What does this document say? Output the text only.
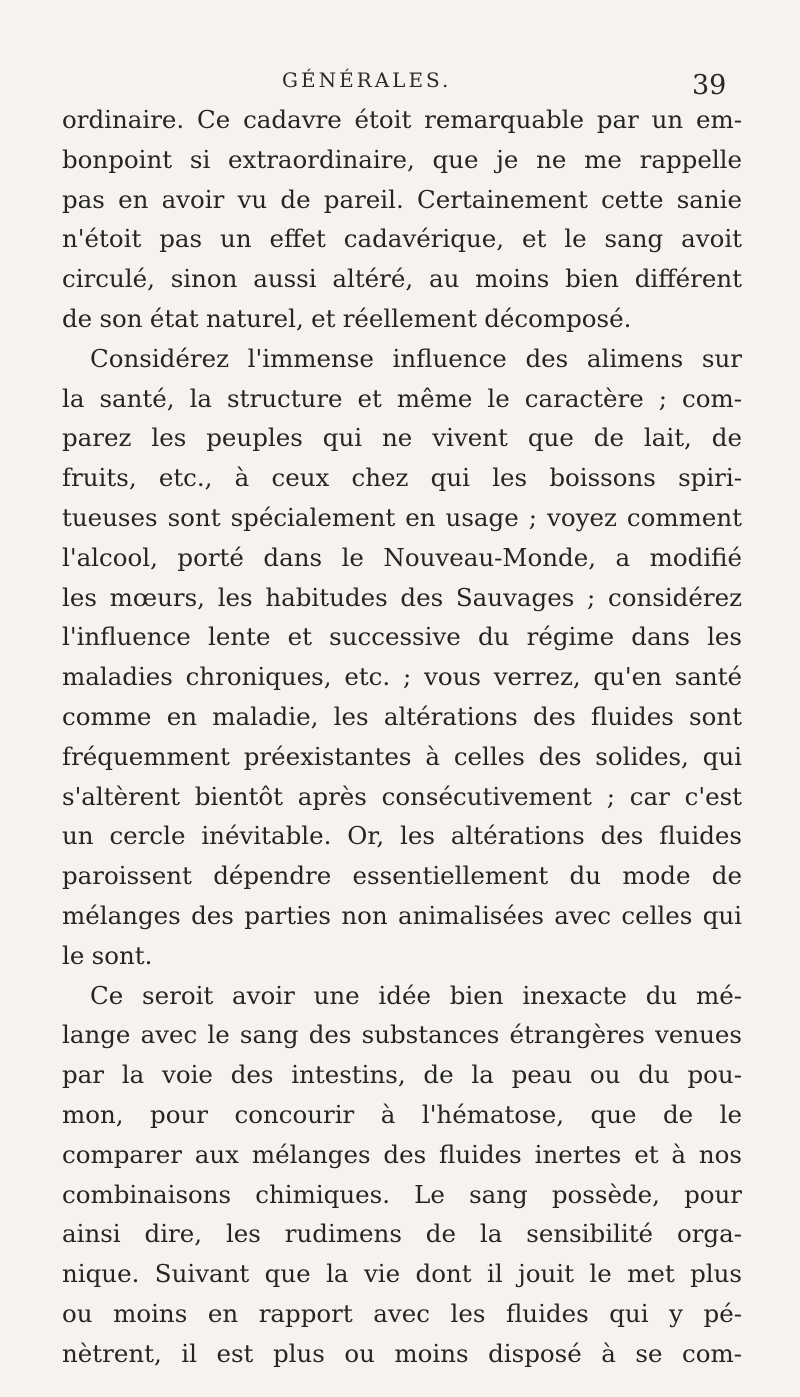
GÉNÉRALES.	39
ordinaire. Ce cadavre étoit remarquable par un em-
bonpoint si extraordinaire, que je ne me rappelle
pas en avoir vu de pareil. Certainement cette sanie
n'étoit pas un effet cadavérique, et le sang avoit
circulé, sinon aussi altéré, au moins bien différent
de son état naturel, et réellement décomposé.
Considérez l'immense influence des alimens sur
la santé, la structure et même le caractère ; com-
parez les peuples qui ne vivent que de lait, de
fruits, etc., à ceux chez qui les boissons spiri-
tueuses sont spécialement en usage ; voyez comment
l'alcool, porté dans le Nouveau-Monde, a modifié
les mœurs, les habitudes des Sauvages ; considérez
l'influence lente et successive du régime dans les
maladies chroniques, etc. ; vous verrez, qu'en santé
comme en maladie, les altérations des fluides sont
fréquemment préexistantes à celles des solides, qui
s'altèrent bientôt après consécutivement ; car c'est
un cercle inévitable. Or, les altérations des fluides
paroissent dépendre essentiellement du mode de
mélanges des parties non animalisées avec celles qui
le sont.
Ce seroit avoir une idée bien inexacte du mé-
lange avec le sang des substances étrangères venues
par la voie des intestins, de la peau ou du pou-
mon, pour concourir à l'hématose, que de le
comparer aux mélanges des fluides inertes et à nos
combinaisons chimiques. Le sang possède, pour
ainsi dire, les rudimens de la sensibilité orga-
nique. Suivant que la vie dont il jouit le met plus
ou moins en rapport avec les fluides qui y pé-
nètrent, il est plus ou moins disposé à se com-
